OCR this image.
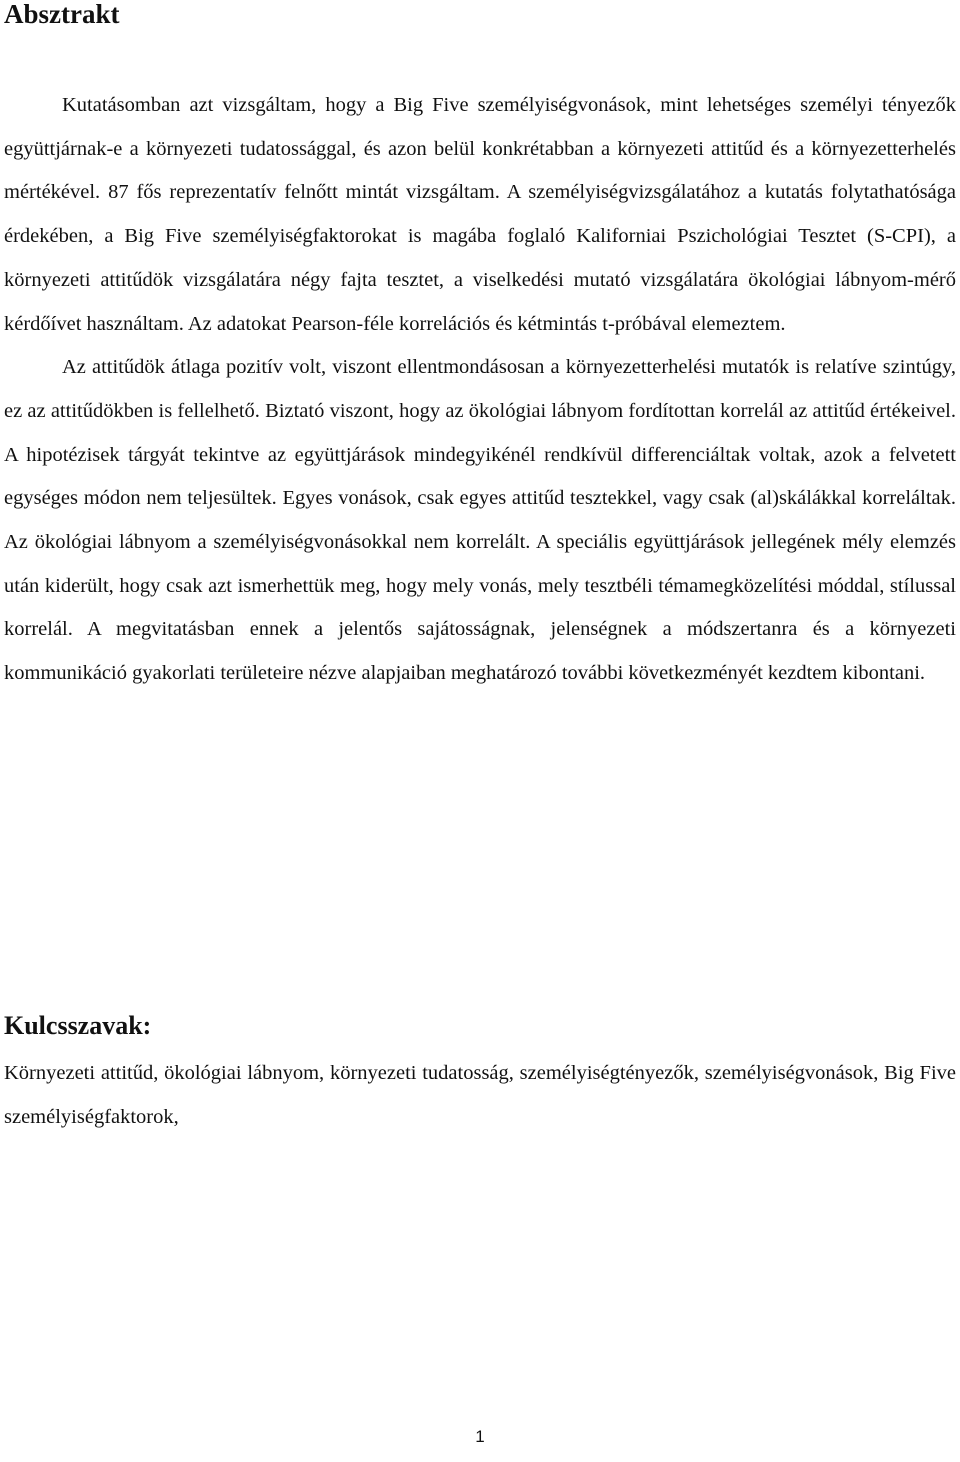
Absztrakt

Kutatásomban azt vizsgáltam, hogy a Big Five személyiségvonások, mint lehetséges személyi tényezők együttjárnak-e a környezeti tudatossággal, és azon belül konkrétabban a környezeti attitűd és a környezetterhelés mértékével. 87 fős reprezentatív felnőtt mintát vizsgáltam. A személyiségvizsgálatához a kutatás folytathatósága érdekében, a Big Five személyiségfaktorokat is magába foglaló Kaliforniai Pszichológiai Tesztet (S-CPI), a környezeti attitűdök vizsgálatára négy fajta tesztet, a viselkedési mutató vizsgálatára ökológiai lábnyom-mérő kérdőívet használtam. Az adatokat Pearson-féle korrelációs és kétmintás t-próbával elemeztem.

Az attitűdök átlaga pozitív volt, viszont ellentmondásosan a környezetterhelési mutatók is relatíve szintúgy, ez az attitűdökben is fellelhető. Biztató viszont, hogy az ökológiai lábnyom fordítottan korrelál az attitűd értékeivel. A hipotézisek tárgyát tekintve az együttjárások mindegyikénél rendkívül differenciáltak voltak, azok a felvetett egységes módon nem teljesültek. Egyes vonások, csak egyes attitűd tesztekkel, vagy csak (al)skálákkal korreláltak. Az ökológiai lábnyom a személyiségvonásokkal nem korrelált. A speciális együttjárások jellegének mély elemzés után kiderült, hogy csak azt ismerhettük meg, hogy mely vonás, mely tesztbéli témamegközelítési móddal, stílussal korrelál. A megvitatásban ennek a jelentős sajátosságnak, jelenségnek a módszertanra és a környezeti kommunikáció gyakorlati területeire nézve alapjaiban meghatározó további következményét kezdtem kibontani.

Kulcsszavak:

Környezeti attitűd, ökológiai lábnyom, környezeti tudatosság, személyiségtényezők, személyiségvonások, Big Five személyiségfaktorok,

1
